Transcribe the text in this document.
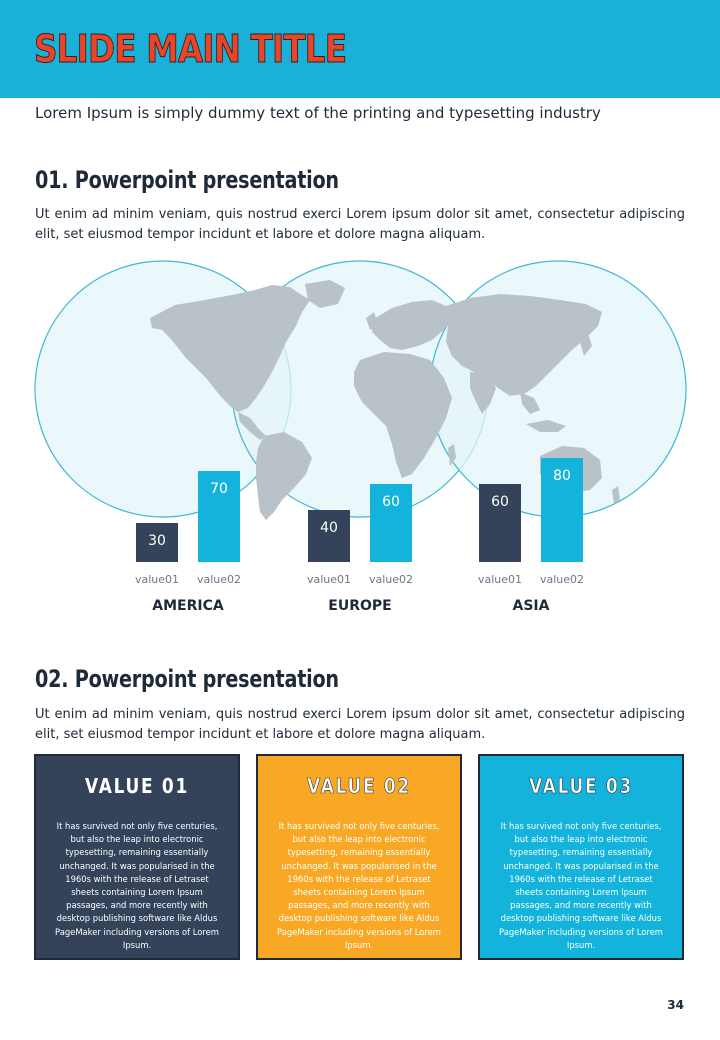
SLIDE MAIN TITLE
Lorem Ipsum is simply dummy text of the printing and typesetting industry
01. Powerpoint presentation
Ut enim ad minim veniam, quis nostrud exerci Lorem ipsum dolor sit amet, consectetur adipiscing elit, set eiusmod tempor incidunt et labore et dolore magna aliquam.
30
value01
70
value02
AMERICA
40
value01
60
value02
EUROPE
60
value01
80
value02
ASIA
02. Powerpoint presentation
Ut enim ad minim veniam, quis nostrud exerci Lorem ipsum dolor sit amet, consectetur adipiscing elit, set eiusmod tempor incidunt et labore et dolore magna aliquam.
VALUE 01
It has survived not only five centuries, but also the leap into electronic typesetting, remaining essentially unchanged. It was popularised in the 1960s with the release of Letraset sheets containing Lorem Ipsum passages, and more recently with desktop publishing software like Aldus PageMaker including versions of Lorem Ipsum.
VALUE 02
It has survived not only five centuries, but also the leap into electronic typesetting, remaining essentially unchanged. It was popularised in the 1960s with the release of Letraset sheets containing Lorem Ipsum passages, and more recently with desktop publishing software like Aldus PageMaker including versions of Lorem Ipsum.
VALUE 03
It has survived not only five centuries, but also the leap into electronic typesetting, remaining essentially unchanged. It was popularised in the 1960s with the release of Letraset sheets containing Lorem Ipsum passages, and more recently with desktop publishing software like Aldus PageMaker including versions of Lorem Ipsum.
34
